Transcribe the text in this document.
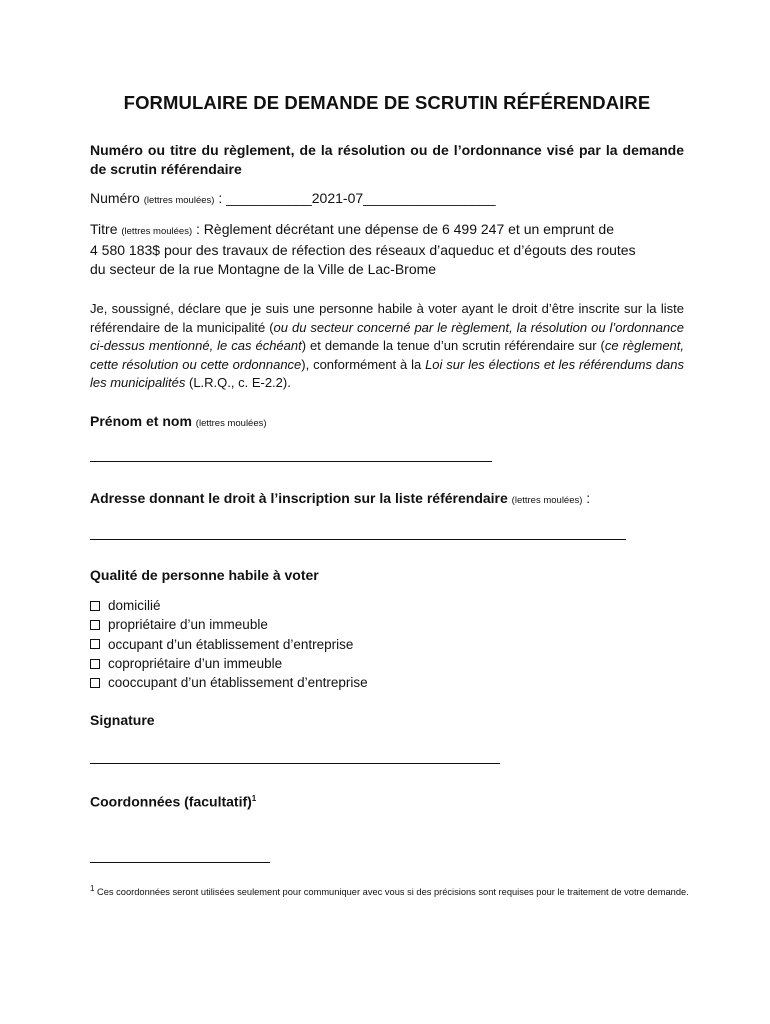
FORMULAIRE DE DEMANDE DE SCRUTIN RÉFÉRENDAIRE

Numéro ou titre du règlement, de la résolution ou de l’ordonnance visé par la demande de scrutin référendaire

Numéro (lettres moulées) : ___________2021-07_________________
Titre (lettres moulées) : Règlement décrétant une dépense de 6 499 247 et un emprunt de
4 580 183$ pour des travaux de réfection des réseaux d’aqueduc et d’égouts des routes
du secteur de la rue Montagne de la Ville de Lac-Brome

Je, soussigné, déclare que je suis une personne habile à voter ayant le droit d’être inscrite sur la liste référendaire de la municipalité (ou du secteur concerné par le règlement, la résolution ou l’ordonnance ci-dessus mentionné, le cas échéant) et demande la tenue d’un scrutin référendaire sur (ce règlement, cette résolution ou cette ordonnance), conformément à la Loi sur les élections et les référendums dans les municipalités (L.R.Q., c. E-2.2).

Prénom et nom (lettres moulées)
Adresse donnant le droit à l’inscription sur la liste référendaire (lettres moulées) :
Qualité de personne habile à voter
domicilié
propriétaire d’un immeuble
occupant d’un établissement d’entreprise
copropriétaire d’un immeuble
cooccupant d’un établissement d’entreprise
Signature
Coordonnées (facultatif)$^1$
$^1$ Ces coordonnées seront utilisées seulement pour communiquer avec vous si des précisions sont requises pour le traitement de votre demande.
